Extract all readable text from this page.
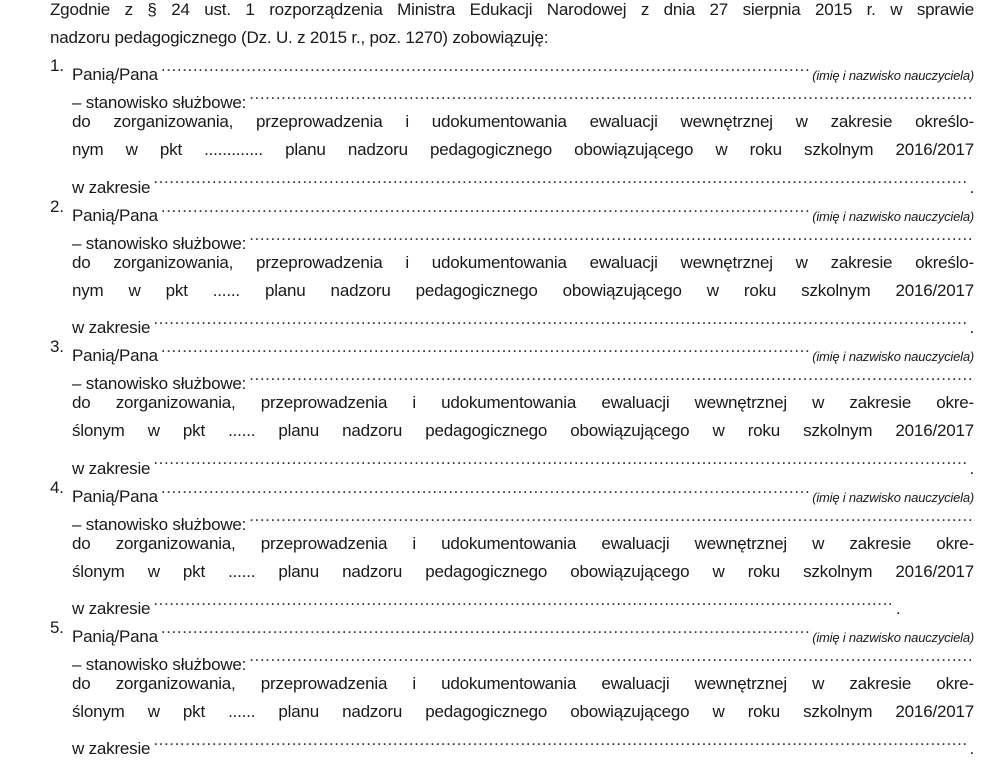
Zgodnie z § 24 ust. 1 rozporządzenia Ministra Edukacji Narodowej z dnia 27 sierpnia 2015 r. w sprawie
nadzoru pedagogicznego (Dz. U. z 2015 r., poz. 1270) zobowiązuję:
1. Panią/Pana .....	(imię i nazwisko nauczyciela)
– stanowisko służbowe:
.....
do zorganizowania, przeprowadzenia i udokumentowania ewaluacji wewnętrznej w zakresie określo-
nym w pkt ............. planu nadzoru pedagogicznego obowiązującego w roku szkolnym 2016/2017
w zakresie .....	.
2. Panią/Pana .....	(imię i nazwisko nauczyciela)
– stanowisko służbowe:
.....
do zorganizowania, przeprowadzenia i udokumentowania ewaluacji wewnętrznej w zakresie określo-
nym w pkt ...... planu nadzoru pedagogicznego obowiązującego w roku szkolnym 2016/2017
w zakresie .....	.
3. Panią/Pana .....	(imię i nazwisko nauczyciela)
– stanowisko służbowe:
.....
do zorganizowania, przeprowadzenia i udokumentowania ewaluacji wewnętrznej w zakresie okre-
ślonym w pkt ...... planu nadzoru pedagogicznego obowiązującego w roku szkolnym 2016/2017
w zakresie .....	.
4. Panią/Pana .....	(imię i nazwisko nauczyciela)
– stanowisko służbowe:
.....
do zorganizowania, przeprowadzenia i udokumentowania ewaluacji wewnętrznej w zakresie okre-
ślonym w pkt ...... planu nadzoru pedagogicznego obowiązującego w roku szkolnym 2016/2017
w zakresie .....
	.
5. Panią/Pana .....	(imię i nazwisko nauczyciela)
– stanowisko służbowe:
.....
do zorganizowania, przeprowadzenia i udokumentowania ewaluacji wewnętrznej w zakresie okre-
ślonym w pkt ...... planu nadzoru pedagogicznego obowiązującego w roku szkolnym 2016/2017
w zakresie .....	.
